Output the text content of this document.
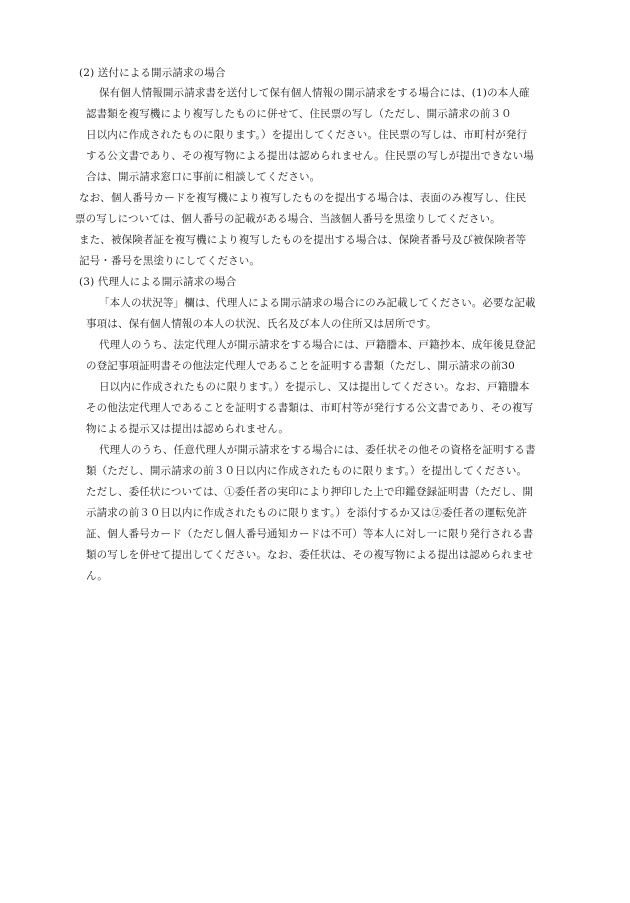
(2) 送付による開示請求の場合
保有個人情報開示請求書を送付して保有個人情報の開示請求をする場合には、(1)の本人確
認書類を複写機により複写したものに併せて、住民票の写し（ただし、開示請求の前３０
日以内に作成されたものに限ります。）を提出してください。住民票の写しは、市町村が発行
する公文書であり、その複写物による提出は認められません。住民票の写しが提出できない場
合は、開示請求窓口に事前に相談してください。
なお、個人番号カードを複写機により複写したものを提出する場合は、表面のみ複写し、住民
票の写しについては、個人番号の記載がある場合、当該個人番号を黒塗りしてください。
また、被保険者証を複写機により複写したものを提出する場合は、保険者番号及び被保険者等
記号・番号を黒塗りにしてください。
(3) 代理人による開示請求の場合
「本人の状況等」欄は、代理人による開示請求の場合にのみ記載してください。必要な記載
事項は、保有個人情報の本人の状況、氏名及び本人の住所又は居所です。
代理人のうち、法定代理人が開示請求をする場合には、戸籍謄本、戸籍抄本、成年後見登記
の登記事項証明書その他法定代理人であることを証明する書類（ただし、開示請求の前30
日以内に作成されたものに限ります。）を提示し、又は提出してください。なお、戸籍謄本
その他法定代理人であることを証明する書類は、市町村等が発行する公文書であり、その複写
物による提示又は提出は認められません。
代理人のうち、任意代理人が開示請求をする場合には、委任状その他その資格を証明する書
類（ただし、開示請求の前３０日以内に作成されたものに限ります。）を提出してください。
ただし、委任状については、①委任者の実印により押印した上で印鑑登録証明書（ただし、開
示請求の前３０日以内に作成されたものに限ります。）を添付するか又は②委任者の運転免許
証、個人番号カード（ただし個人番号通知カードは不可）等本人に対し一に限り発行される書
類の写しを併せて提出してください。なお、委任状は、その複写物による提出は認められませ
ん。
